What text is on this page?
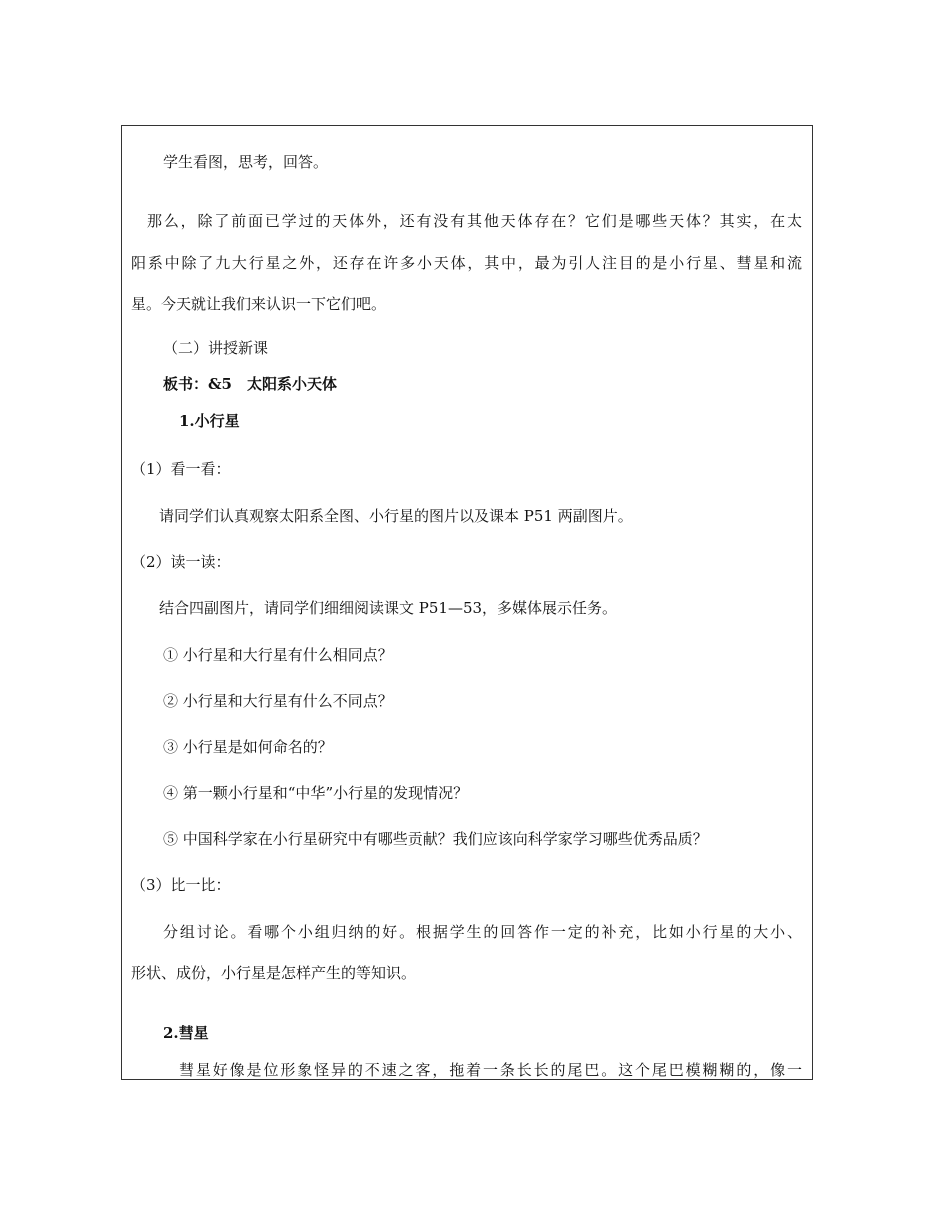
学生看图，思考，回答。
那么，除了前面已学过的天体外，还有没有其他天体存在？它们是哪些天体？其实，在太
阳系中除了九大行星之外，还存在许多小天体，其中，最为引人注目的是小行星、彗星和流
星。今天就让我们来认识一下它们吧。
（二）讲授新课
板书：&5　太阳系小天体
1.小行星
（1）看一看：
请同学们认真观察太阳系全图、小行星的图片以及课本 P51 两副图片。
（2）读一读：
结合四副图片，请同学们细细阅读课文 P51—53，多媒体展示任务。
① 小行星和大行星有什么相同点？
② 小行星和大行星有什么不同点？
③ 小行星是如何命名的？
④ 第一颗小行星和“中华”小行星的发现情况？
⑤ 中国科学家在小行星研究中有哪些贡献？我们应该向科学家学习哪些优秀品质？
（3）比一比：
分组讨论。看哪个小组归纳的好。根据学生的回答作一定的补充，比如小行星的大小、
形状、成份，小行星是怎样产生的等知识。
2.彗星
彗星好像是位形象怪异的不速之客，拖着一条长长的尾巴。这个尾巴模糊糊的，像一
